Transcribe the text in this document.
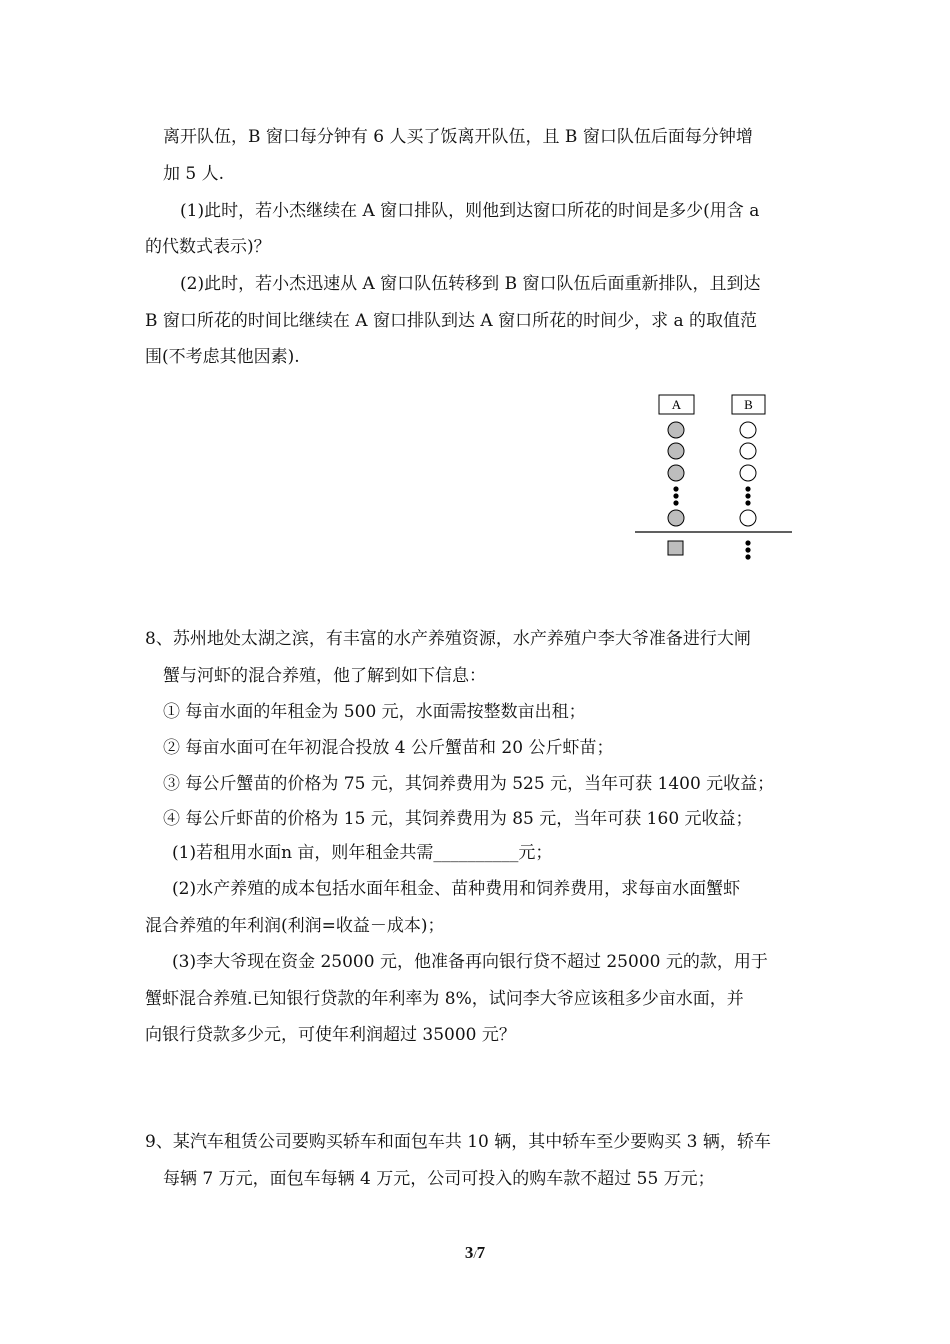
离开队伍，B 窗口每分钟有 6 人买了饭离开队伍，且 B 窗口队伍后面每分钟增
加 5 人.
(1)此时，若小杰继续在 A 窗口排队，则他到达窗口所花的时间是多少(用含 a
的代数式表示)？
(2)此时，若小杰迅速从 A 窗口队伍转移到 B 窗口队伍后面重新排队，且到达
B 窗口所花的时间比继续在 A 窗口排队到达 A 窗口所花的时间少，求 a 的取值范
围(不考虑其他因素).
A	B
8、苏州地处太湖之滨，有丰富的水产养殖资源，水产养殖户李大爷准备进行大闸
蟹与河虾的混合养殖，他了解到如下信息：
① 每亩水面的年租金为 500 元，水面需按整数亩出租；
② 每亩水面可在年初混合投放 4 公斤蟹苗和 20 公斤虾苗；
③ 每公斤蟹苗的价格为 75 元，其饲养费用为 525 元，当年可获 1400 元收益；
④ 每公斤虾苗的价格为 15 元，其饲养费用为 85 元，当年可获 160 元收益；
(1)若租用水面n 亩，则年租金共需__________元；
(2)水产养殖的成本包括水面年租金、苗种费用和饲养费用，求每亩水面蟹虾
混合养殖的年利润(利润=收益－成本)；
(3)李大爷现在资金 25000 元，他准备再向银行贷不超过 25000 元的款，用于
蟹虾混合养殖.已知银行贷款的年利率为 8%，试问李大爷应该租多少亩水面，并
向银行贷款多少元，可使年利润超过 35000 元？
9、某汽车租赁公司要购买轿车和面包车共 10 辆，其中轿车至少要购买 3 辆，轿车
每辆 7 万元，面包车每辆 4 万元，公司可投入的购车款不超过 55 万元；
3/7
